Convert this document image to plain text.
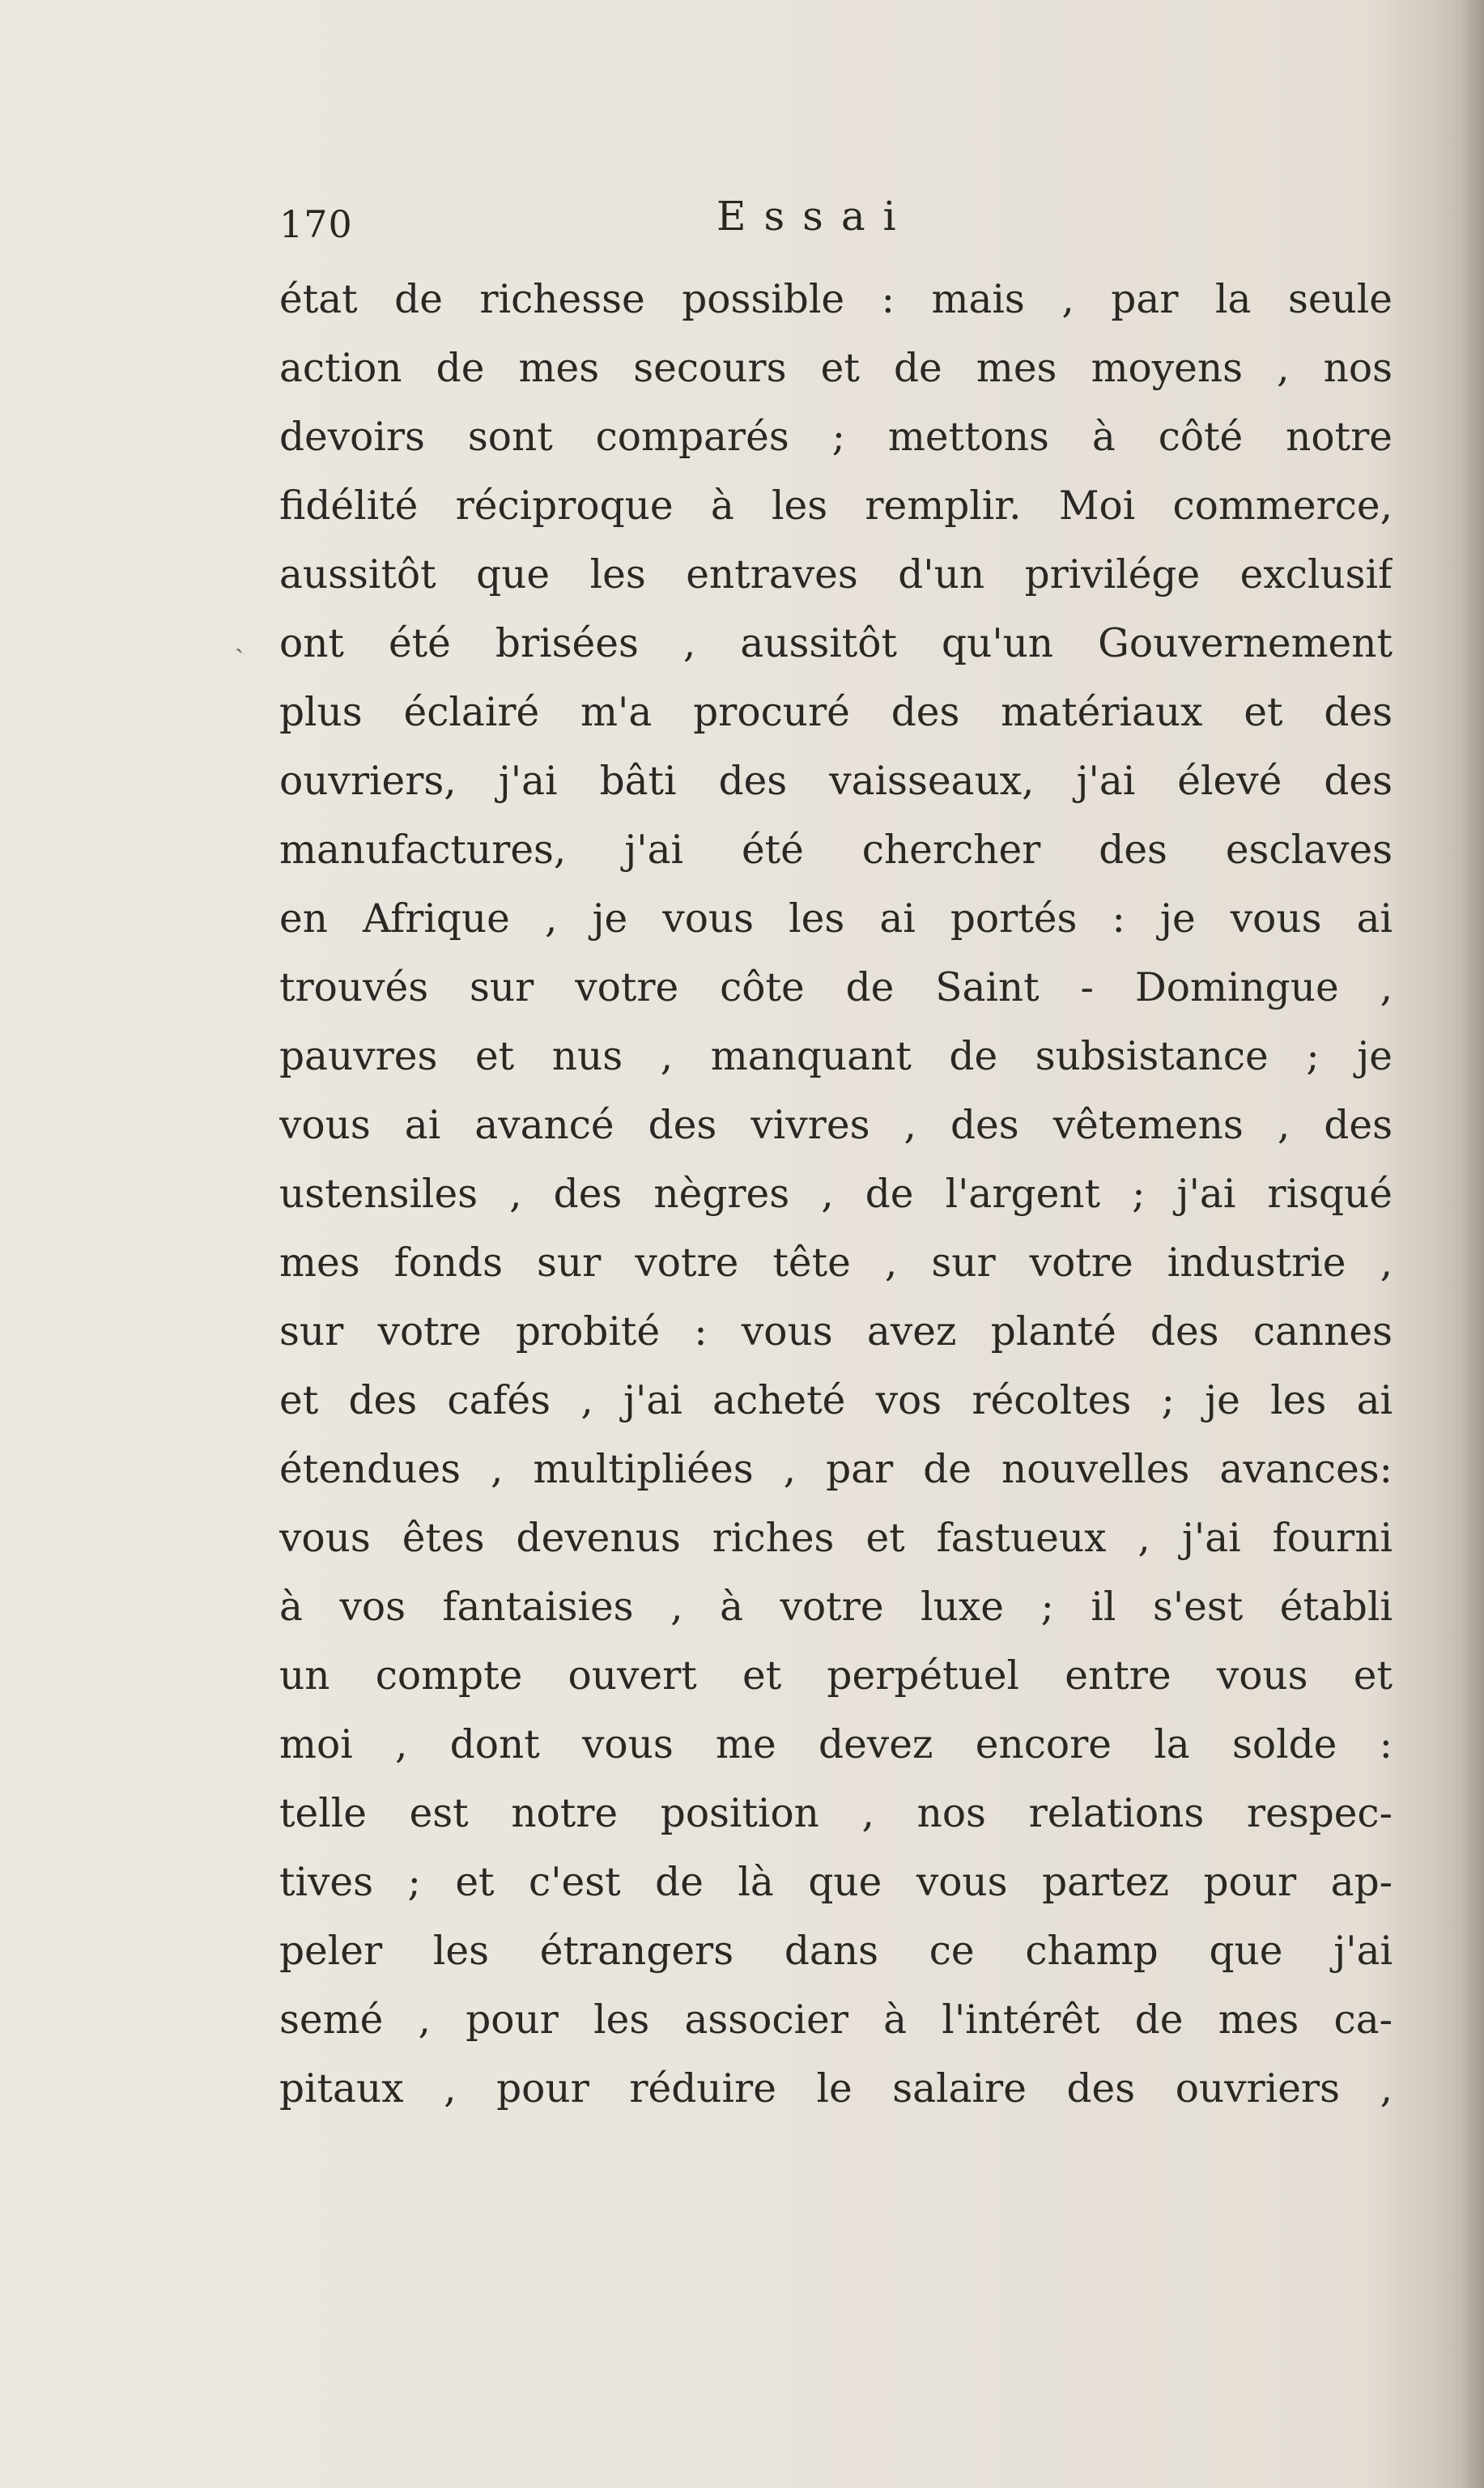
170	Essai
ˎ
état de richesse possible : mais , par la seule
action de mes secours et de mes moyens , nos
devoirs sont comparés ; mettons à côté notre
fidélité réciproque à les remplir. Moi commerce,
aussitôt que les entraves d'un privilége exclusif
ont été brisées , aussitôt qu'un Gouvernement
plus éclairé m'a procuré des matériaux et des
ouvriers, j'ai bâti des vaisseaux, j'ai élevé des
manufactures, j'ai été chercher des esclaves
en Afrique , je vous les ai portés : je vous ai
trouvés sur votre côte de Saint - Domingue ,
pauvres et nus , manquant de subsistance ; je
vous ai avancé des vivres , des vêtemens , des
ustensiles , des nègres , de l'argent ; j'ai risqué
mes fonds sur votre tête , sur votre industrie ,
sur votre probité : vous avez planté des cannes
et des cafés , j'ai acheté vos récoltes ; je les ai
étendues , multipliées , par de nouvelles avances:
vous êtes devenus riches et fastueux , j'ai fourni
à vos fantaisies , à votre luxe ; il s'est établi
un compte ouvert et perpétuel entre vous et
moi , dont vous me devez encore la solde :
telle est notre position , nos relations respec-
tives ; et c'est de là que vous partez pour ap-
peler les étrangers dans ce champ que j'ai
semé , pour les associer à l'intérêt de mes ca-
pitaux , pour réduire le salaire des ouvriers ,
